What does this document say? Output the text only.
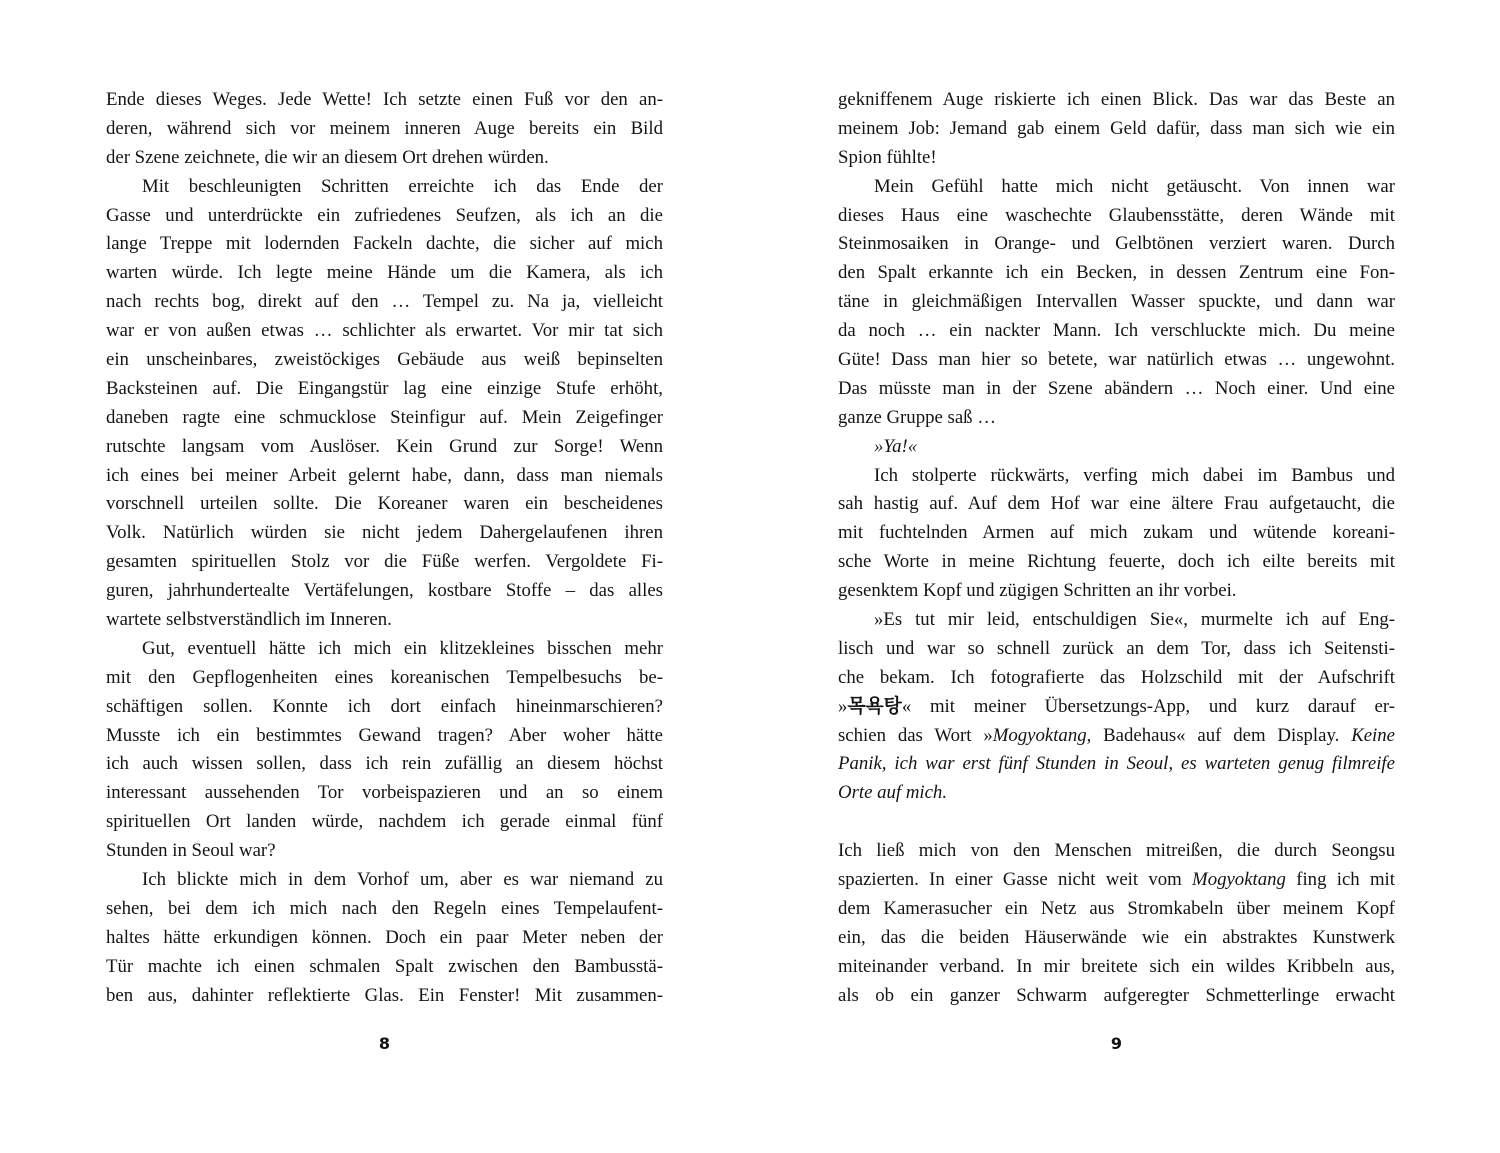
Ende dieses Weges. Jede Wette! Ich setzte einen Fuß vor den an-
deren, während sich vor meinem inneren Auge bereits ein Bild
der Szene zeichnete, die wir an diesem Ort drehen würden.
Mit beschleunigten Schritten erreichte ich das Ende der
Gasse und unterdrückte ein zufriedenes Seufzen, als ich an die
lange Treppe mit lodernden Fackeln dachte, die sicher auf mich
warten würde. Ich legte meine Hände um die Kamera, als ich
nach rechts bog, direkt auf den … Tempel zu. Na ja, vielleicht
war er von außen etwas … schlichter als erwartet. Vor mir tat sich
ein unscheinbares, zweistöckiges Gebäude aus weiß bepinselten
Backsteinen auf. Die Eingangstür lag eine einzige Stufe erhöht,
daneben ragte eine schmucklose Steinfigur auf. Mein Zeigefinger
rutschte langsam vom Auslöser. Kein Grund zur Sorge! Wenn
ich eines bei meiner Arbeit gelernt habe, dann, dass man niemals
vorschnell urteilen sollte. Die Koreaner waren ein bescheidenes
Volk. Natürlich würden sie nicht jedem Dahergelaufenen ihren
gesamten spirituellen Stolz vor die Füße werfen. Vergoldete Fi-
guren, jahrhundertealte Vertäfelungen, kostbare Stoffe – das alles
wartete selbstverständlich im Inneren.
Gut, eventuell hätte ich mich ein klitzekleines bisschen mehr
mit den Gepflogenheiten eines koreanischen Tempelbesuchs be-
schäftigen sollen. Konnte ich dort einfach hineinmarschieren?
Musste ich ein bestimmtes Gewand tragen? Aber woher hätte
ich auch wissen sollen, dass ich rein zufällig an diesem höchst
interessant aussehenden Tor vorbeispazieren und an so einem
spirituellen Ort landen würde, nachdem ich gerade einmal fünf
Stunden in Seoul war?
Ich blickte mich in dem Vorhof um, aber es war niemand zu
sehen, bei dem ich mich nach den Regeln eines Tempelaufent-
haltes hätte erkundigen können. Doch ein paar Meter neben der
Tür machte ich einen schmalen Spalt zwischen den Bambusstä-
ben aus, dahinter reflektierte Glas. Ein Fenster! Mit zusammen-
gekniffenem Auge riskierte ich einen Blick. Das war das Beste an
meinem Job: Jemand gab einem Geld dafür, dass man sich wie ein
Spion fühlte!
Mein Gefühl hatte mich nicht getäuscht. Von innen war
dieses Haus eine waschechte Glaubensstätte, deren Wände mit
Steinmosaiken in Orange- und Gelbtönen verziert waren. Durch
den Spalt erkannte ich ein Becken, in dessen Zentrum eine Fon-
täne in gleichmäßigen Intervallen Wasser spuckte, und dann war
da noch … ein nackter Mann. Ich verschluckte mich. Du meine
Güte! Dass man hier so betete, war natürlich etwas … ungewohnt.
Das müsste man in der Szene abändern … Noch einer. Und eine
ganze Gruppe saß …
»Ya!«
Ich stolperte rückwärts, verfing mich dabei im Bambus und
sah hastig auf. Auf dem Hof war eine ältere Frau aufgetaucht, die
mit fuchtelnden Armen auf mich zukam und wütende koreani-
sche Worte in meine Richtung feuerte, doch ich eilte bereits mit
gesenktem Kopf und zügigen Schritten an ihr vorbei.
»Es tut mir leid, entschuldigen Sie«, murmelte ich auf Eng-
lisch und war so schnell zurück an dem Tor, dass ich Seitensti-
che bekam. Ich fotografierte das Holzschild mit der Aufschrift
»목욕탕« mit meiner Übersetzungs-App, und kurz darauf er-
schien das Wort »Mogyoktang, Badehaus« auf dem Display. Keine
Panik, ich war erst fünf Stunden in Seoul, es warteten genug filmreife
Orte auf mich.
Ich ließ mich von den Menschen mitreißen, die durch Seongsu
spazierten. In einer Gasse nicht weit vom Mogyoktang fing ich mit
dem Kamerasucher ein Netz aus Stromkabeln über meinem Kopf
ein, das die beiden Häuserwände wie ein abstraktes Kunstwerk
miteinander verband. In mir breitete sich ein wildes Kribbeln aus,
als ob ein ganzer Schwarm aufgeregter Schmetterlinge erwacht
8	9
